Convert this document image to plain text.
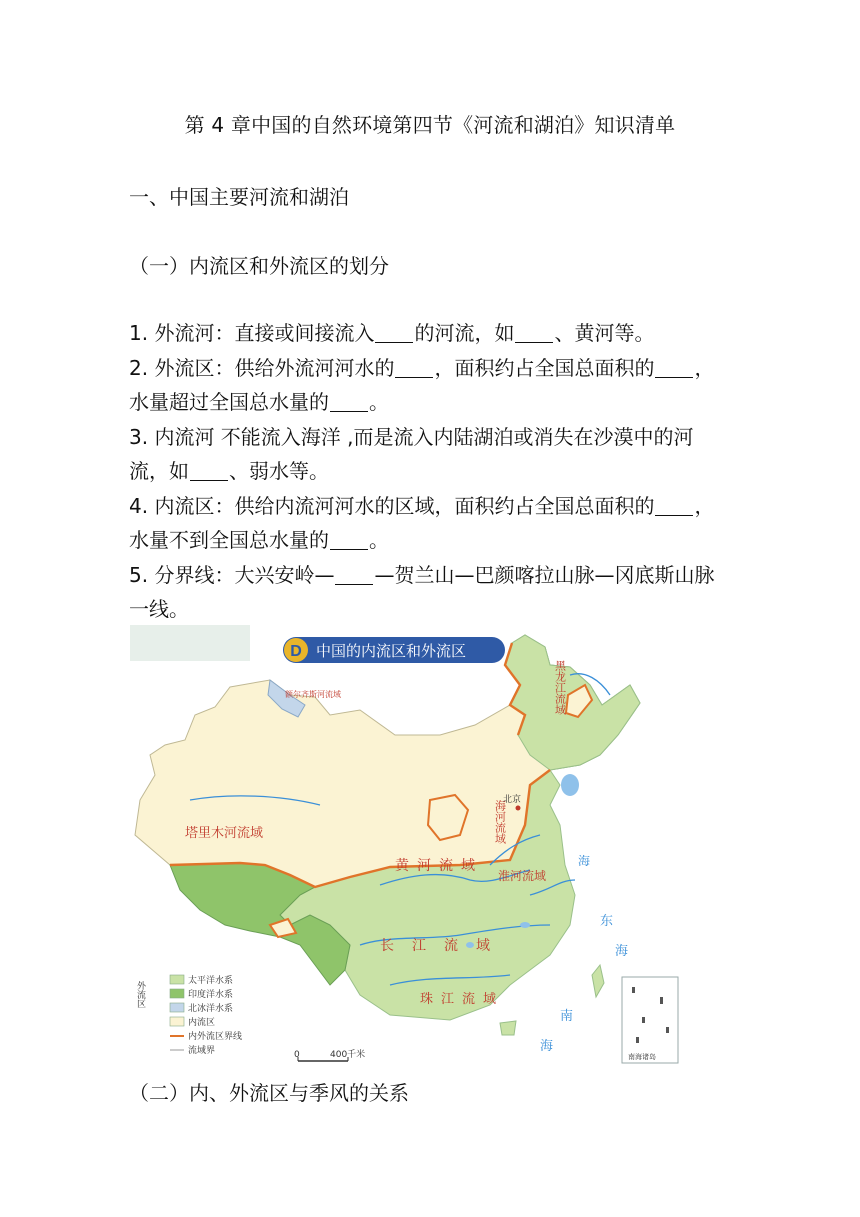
第 4 章中国的自然环境第四节《河流和湖泊》知识清单
一、中国主要河流和湖泊
（一）内流区和外流区的划分

1. 外流河：直接或间接流入 的河流，如 、黄河等。

2. 外流区：供给外流河河水的 ，面积约占全国总面积的 ，水量超过全国总水量的 。

3. 内流河 不能流入海洋 ,而是流入内陆湖泊或消失在沙漠中的河流，如 、弱水等。

4. 内流区：供给内流河河水的区域，面积约占全国总面积的 ，水量不到全国总水量的 。

5. 分界线：大兴安岭— —贺兰山—巴颜喀拉山脉—冈底斯山脉一线。

D 中国的内流区和外流区
额尔齐斯河流域
塔里木河流域
黑龙江流域
海河流域
黄河流域
淮河流域
长江流域
珠江流域
北京
海
东
海
南
海
南海诸岛
外流区	太平洋水系
印度洋水系
北冰洋水系
内流区
内外流区界线
流域界	0	400千米
（二）内、外流区与季风的关系
